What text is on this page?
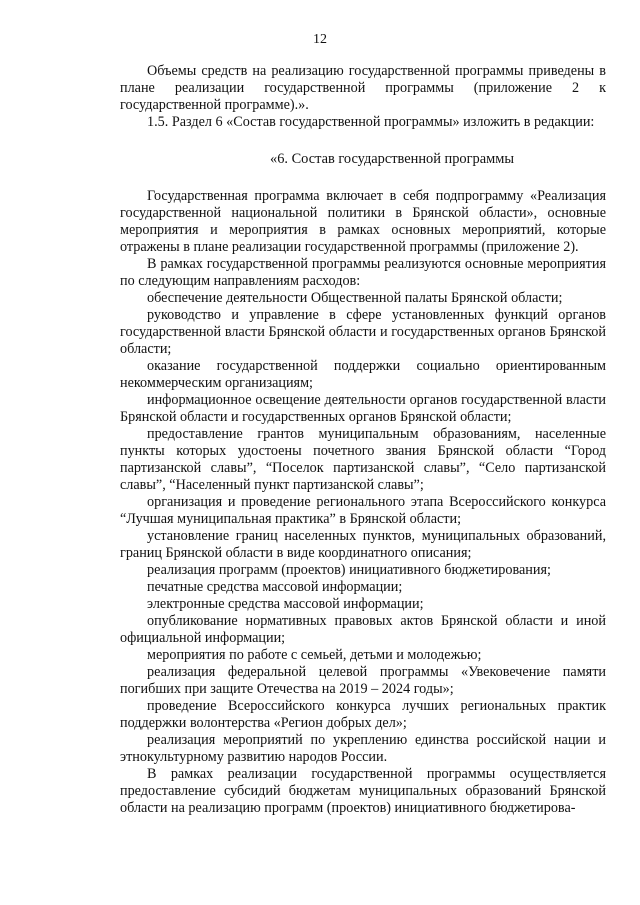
12

Объемы средств на реализацию государственной программы приведены в плане реализации государственной программы (приложение 2 к государственной программе).».

1.5. Раздел 6 «Состав государственной программы» изложить в редакции:

«6. Состав государственной программы

Государственная программа включает в себя подпрограмму «Реализация государственной национальной политики в Брянской области», основные мероприятия и мероприятия в рамках основных мероприятий, которые отражены в плане реализации государственной программы (приложение 2).

В рамках государственной программы реализуются основные мероприятия по следующим направлениям расходов:

обеспечение деятельности Общественной палаты Брянской области;

руководство и управление в сфере установленных функций органов государственной власти Брянской области и государственных органов Брянской области;

оказание государственной поддержки социально ориентированным некоммерческим организациям;

информационное освещение деятельности органов государственной власти Брянской области и государственных органов Брянской области;

предоставление грантов муниципальным образованиям, населенные пункты которых удостоены почетного звания Брянской области “Город партизанской славы”, “Поселок партизанской славы”, “Село партизанской славы”, “Населенный пункт партизанской славы”;

организация и проведение регионального этапа Всероссийского конкурса “Лучшая муниципальная практика” в Брянской области;

установление границ населенных пунктов, муниципальных образований, границ Брянской области в виде координатного описания;

реализация программ (проектов) инициативного бюджетирования;

печатные средства массовой информации;

электронные средства массовой информации;

опубликование нормативных правовых актов Брянской области и иной официальной информации;

мероприятия по работе с семьей, детьми и молодежью;

реализация федеральной целевой программы «Увековечение памяти погибших при защите Отечества на 2019 – 2024 годы»;

проведение Всероссийского конкурса лучших региональных практик поддержки волонтерства «Регион добрых дел»;

реализация мероприятий по укреплению единства российской нации и этнокультурному развитию народов России.

В рамках реализации государственной программы осуществляется предоставление субсидий бюджетам муниципальных образований Брянской области на реализацию программ (проектов) инициативного бюджетирова-
